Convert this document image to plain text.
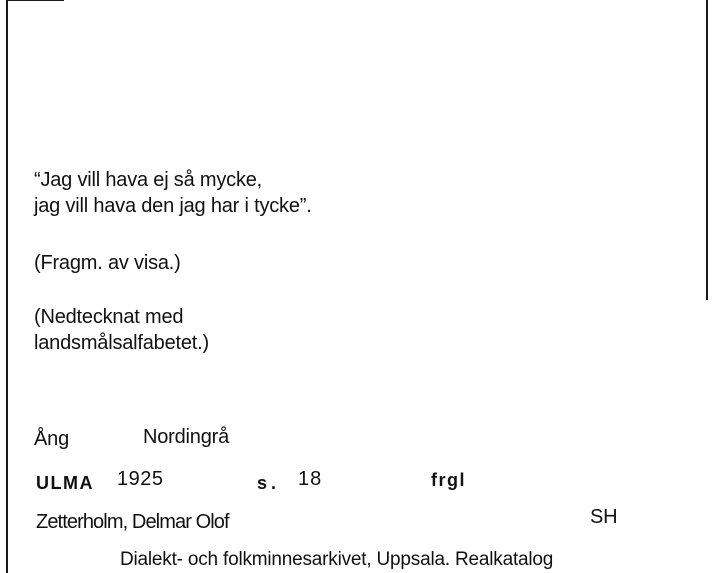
“Jag vill hava ej så mycke,
jag vill hava den jag har i tycke”.
(Fragm. av visa.)
(Nedtecknat med
landsmålsalfabetet.)
Ång	Nordingrå
ULMA 1925	s. 18	frgl
Zetterholm, Delmar Olof	SH
Dialekt- och folkminnesarkivet, Uppsala. Realkatalog
